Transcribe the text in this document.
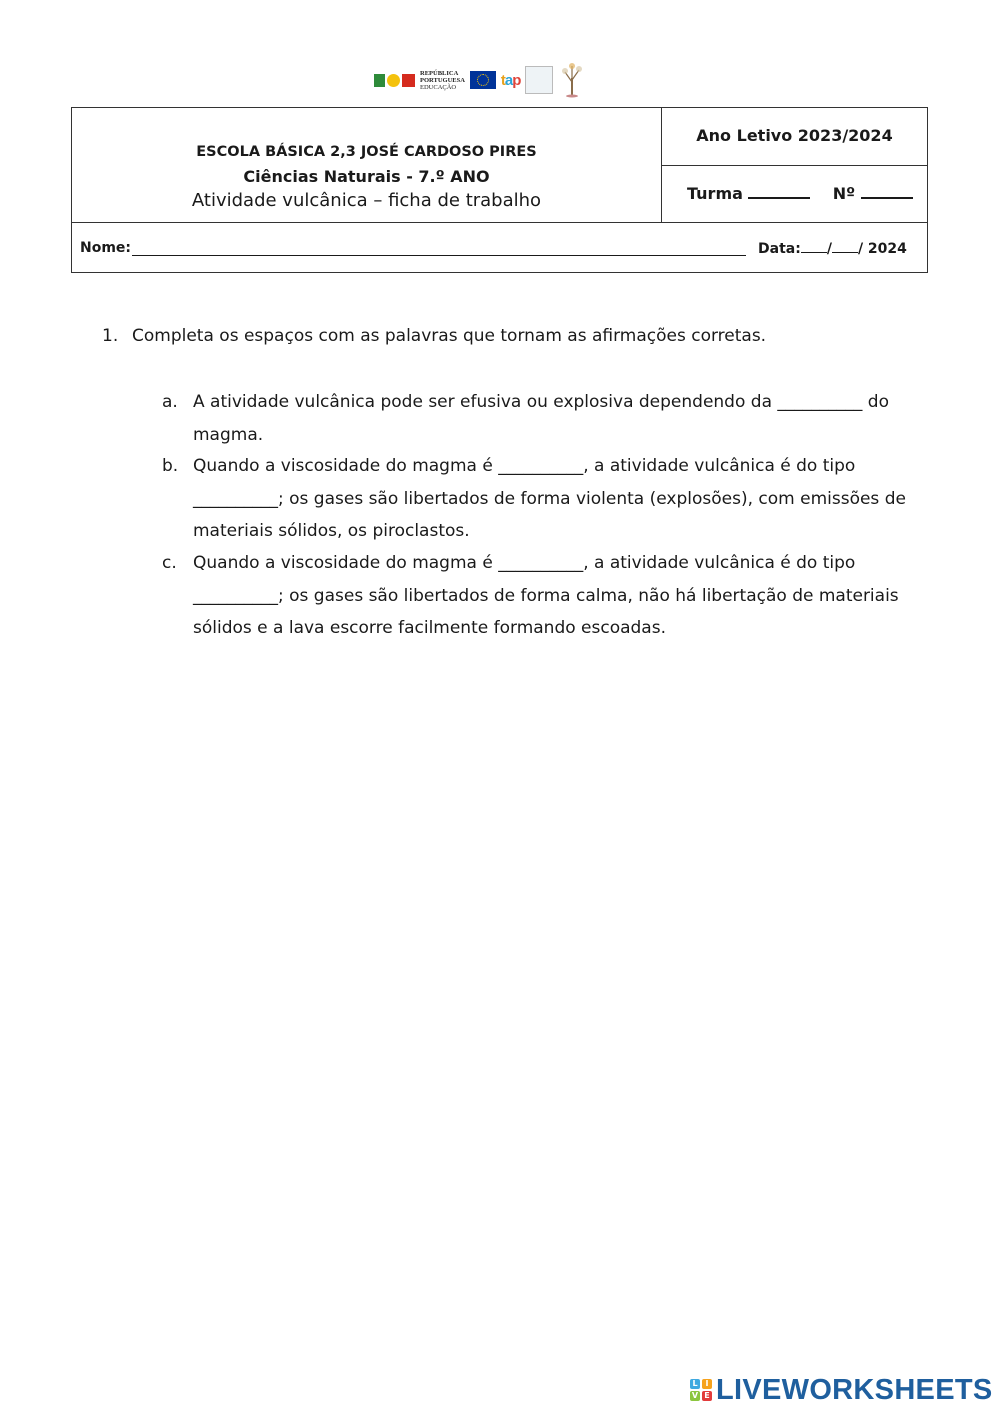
REPÚBLICA
PORTUGUESA
EDUCAÇÃO	tap
ESCOLA BÁSICA 2,3 JOSÉ CARDOSO PIRES
Ciências Naturais - 7.º ANO
Atividade vulcânica – ficha de trabalho
Ano Letivo 2023/2024
Turma	Nº
Nome:	Data: / / 2024
1. Completa os espaços com as palavras que tornam as afirmações corretas.
a. A atividade vulcânica pode ser efusiva ou explosiva dependendo da __________ do
magma.
b. Quando a viscosidade do magma é __________, a atividade vulcânica é do tipo
__________; os gases são libertados de forma violenta (explosões), com emissões de
materiais sólidos, os piroclastos.
c. Quando a viscosidade do magma é __________, a atividade vulcânica é do tipo
__________; os gases são libertados de forma calma, não há libertação de materiais
sólidos e a lava escorre facilmente formando escoadas.
L I
V E LIVEWORKSHEETS
